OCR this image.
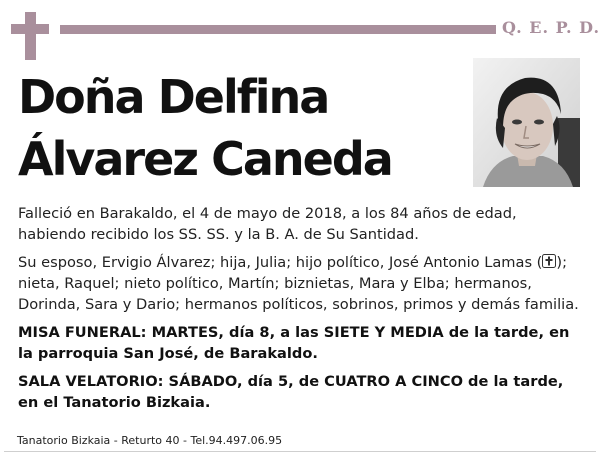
Q. E. P. D.
Doña Delfina
Álvarez Caneda

Falleció en Barakaldo, el 4 de mayo de 2018, a los 84 años de edad, habiendo recibido los SS. SS. y la B. A. de Su Santidad.

Su esposo, Ervigio Álvarez; hija, Julia; hijo político, José Antonio Lamas ( ); nieta, Raquel; nieto político, Martín; biznietas, Mara y Elba; hermanos, Dorinda, Sara y Dario; hermanos políticos, sobrinos, primos y demás familia.

MISA FUNERAL: MARTES, día 8, a las SIETE Y MEDIA de la tarde, en la parroquia San José, de Barakaldo.

SALA VELATORIO: SÁBADO, día 5, de CUATRO A CINCO de la tarde, en el Tanatorio Bizkaia.

Tanatorio Bizkaia - Returto 40 - Tel.94.497.06.95
